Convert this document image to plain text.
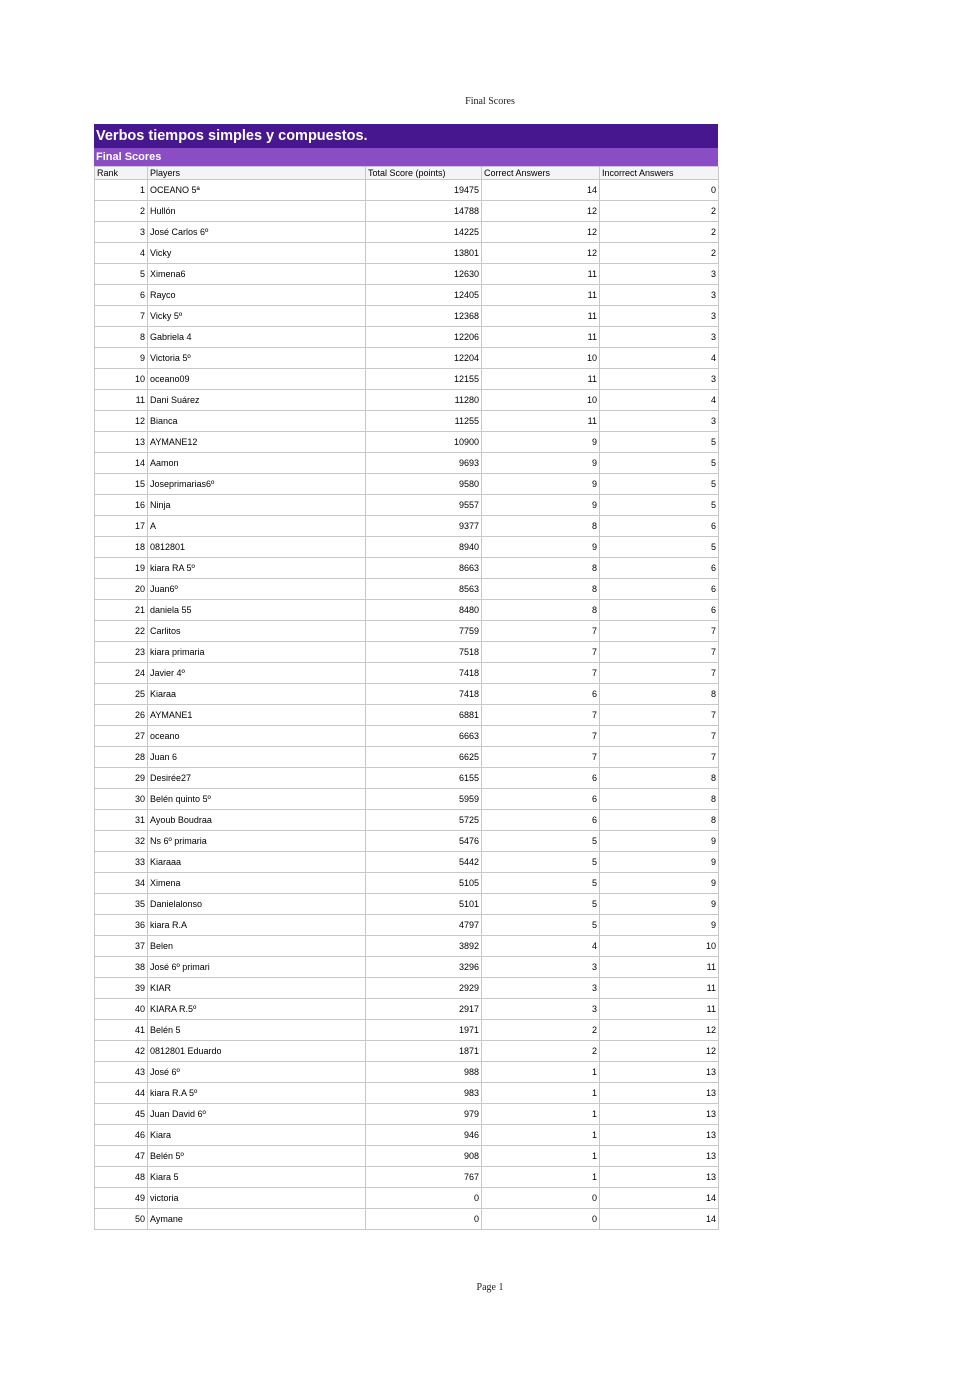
Final Scores
Verbos tiempos simples y compuestos.
Final Scores
Rank	Players	Total Score (points)	Correct Answers	Incorrect Answers
1	OCEANO 5ª	19475	14	0
2	Hullón	14788	12	2
3	José Carlos 6º	14225	12	2
4	Vicky	13801	12	2
5	Ximena6	12630	11	3
6	Rayco	12405	11	3
7	Vicky 5º	12368	11	3
8	Gabriela 4	12206	11	3
9	Victoria 5º	12204	10	4
10	oceano09	12155	11	3
11	Dani Suárez	11280	10	4
12	Bianca	11255	11	3
13	AYMANE12	10900	9	5
14	Aamon	9693	9	5
15	Joseprimarias6º	9580	9	5
16	Ninja	9557	9	5
17	A	9377	8	6
18	0812801	8940	9	5
19	kiara RA 5º	8663	8	6
20	Juan6º	8563	8	6
21	daniela 55	8480	8	6
22	Carlitos	7759	7	7
23	kiara primaria	7518	7	7
24	Javier 4º	7418	7	7
25	Kiaraa	7418	6	8
26	AYMANE1	6881	7	7
27	oceano	6663	7	7
28	Juan 6	6625	7	7
29	Desirée27	6155	6	8
30	Belén quinto 5º	5959	6	8
31	Ayoub Boudraa	5725	6	8
32	Ns 6º primaria	5476	5	9
33	Kiaraaa	5442	5	9
34	Ximena	5105	5	9
35	Danielalonso	5101	5	9
36	kiara R.A	4797	5	9
37	Belen	3892	4	10
38	José 6º primari	3296	3	11
39	KIAR	2929	3	11
40	KIARA R.5º	2917	3	11
41	Belén 5	1971	2	12
42	0812801 Eduardo	1871	2	12
43	José 6º	988	1	13
44	kiara R.A 5º	983	1	13
45	Juan David 6º	979	1	13
46	Kiara	946	1	13
47	Belén 5º	908	1	13
48	Kiara 5	767	1	13
49	victoria	0	0	14
50	Aymane	0	0	14
Page 1
